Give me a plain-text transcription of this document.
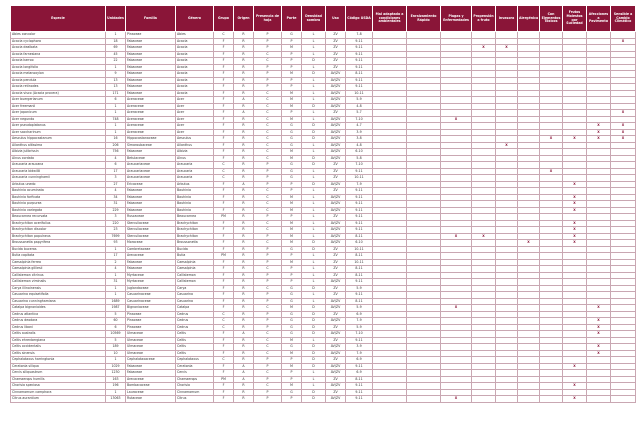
Especie	Unidades	Familia	Género	Grupo	Origen	Presencia de hoja	Porte	Densidad sombra	Uso	Código USDA	Mal adaptado a condiciones ambientales	Enraizamiento Rápido	Plagas y Enfermedades	Propensión a fruto	Invasora	Alergénica	Con Elementos Tóxicos	Frutos Molestos por Suciedad	Afecciones a Pavimento	Sensible a Cambio Climático
Abies concolor	1	Pinaceae	Abies	C	R	P	G	L	ZV	7-8										
Acacia cyclophora	18	Fabaceae	Acacia	F	R	P	P	L	ZV	9-11										X
Acacia dealbata	69	Fabaceae	Acacia	F	R	P	M	L	ZV	9-11				X	X					
Acacia farnesiana	45	Fabaceae	Acacia	F	R	C	P	L	ZV	9-11										
Acacia karroo	22	Fabaceae	Acacia	F	R	C	P	D	ZV	9-11										
Acacia longifolia	1	Fabaceae	Acacia	F	R	P	P	L	ZV	9-11										
Acacia melanoxylon	9	Fabaceae	Acacia	F	R	P	M	D	AV/ZV	8-11										
Acacia pendula	13	Fabaceae	Acacia	F	R	P	P	L	AV/ZV	9-11										
Acacia retinodes	13	Fabaceae	Acacia	F	R	P	P	L	AV/ZV	9-11										
Acacia visco (Acacia procera)	171	Fabaceae	Acacia	F	R	C	M	L	AV/ZV	10-11										
Acer buergerianum	6	Aceraceae	Acer	F	A	C	M	L	AV/ZV	5-9										
Acer freemanii	1	Aceraceae	Acer	F	R	C	M	D	AV/ZV	4-8										
Acer japonicum	1	Aceraceae	Acer	F	A	C	P	L	ZV	5-7										X
Acer negundo	748	Aceraceae	Acer	F	R	C	M	L	AV/ZV	7-10			X							
Acer pseudoplatanus	1	Aceraceae	Acer	F	R	C	G	D	AV/ZV	4-7									X	X
Acer saccharinum	1	Aceraceae	Acer	F	R	C	G	D	AV/ZV	3-9									X	X
Aesculus hippocastanum	16	Hippocastanaceae	Aesculus	F	R	C	G	D	AV/ZV	3-8							X	X	X	X
Ailanthus altissima	206	Simaroubaceae	Ailanthus	F	R	C	G	L	AV/ZV	4-8					X					
Albizia julibrissin	756	Fabaceae	Albizia	F	R	C	M	L	AV/ZV	6-10										
Alnus cordata	4	Betulaceae	Alnus	F	R	C	M	D	AV/ZV	5-8										
Araucaria araucana	6	Araucariaceae	Araucaria	C	R	P	G	D	ZV	7-10										
Araucaria bidwillii	17	Araucariaceae	Araucaria	C	R	P	G	L	ZV	9-11							X			
Araucaria cunninghamii	3	Araucariaceae	Araucaria	C	R	P	G	L	ZV	10-11										
Arbutus unedo	27	Ericaceae	Arbutus	F	A	P	P	D	AV/ZV	7-9								X		
Bauhinia acuminata	4	Fabaceae	Bauhinia	F	R	C	P	L	ZV	9-11										
Bauhinia forficata	34	Fabaceae	Bauhinia	F	R	C	M	L	AV/ZV	9-11								X		
Bauhinia purpurea	31	Fabaceae	Bauhinia	F	R	C	M	L	AV/ZV	9-11								X		
Bauhinia variegata	229	Fabaceae	Bauhinia	F	R	C	M	L	AV/ZV	9-11								X		
Beaucarnea recurvata	3	Ruscaceae	Beaucarnea	PM	R	P	P	L	ZV	9-11										
Brachychiton acerifolius	220	Sterculiaceae	Brachychiton	F	R	C	M	L	AV/ZV	9-11								X		
Brachychiton discolor	23	Sterculiaceae	Brachychiton	F	R	C	M	L	AV/ZV	9-11								X		
Brachychiton populneus	7699	Sterculiaceae	Brachychiton	F	R	P	M	L	AV/ZV	8-11			X	X				X		
Broussonetia papyrifera	93	Moraceae	Broussonetia	F	R	C	M	D	AV/ZV	6-10						X		X		
Bucida buceras	1	Combretaceae	Bucida	F	R	P	G	D	ZV	10-11										
Butia capitata	17	Arecaceae	Butia	PM	R	P	P	L	ZV	8-11										
Caesalpinia ferrea	2	Fabaceae	Caesalpinia	F	R	P	M	L	ZV	10-11										
Caesalpinia gilliesii	4	Fabaceae	Caesalpinia	F	R	C	P	L	ZV	8-11										
Callistemon citrinus	1	Myrtaceae	Callistemon	F	R	P	P	L	ZV	8-11										
Callistemon viminalis	31	Myrtaceae	Callistemon	F	R	P	P	L	AV/ZV	9-11										
Carya illinoinensis	1	Juglandaceae	Carya	F	R	C	G	D	ZV	5-9										
Casuarina equisetifolia	1	Casuarinaceae	Casuarina	F	R	P	G	L	ZV	9-11										
Casuarina cunninghamiana	1689	Casuarinaceae	Casuarina	F	R	P	G	L	AV/ZV	8-11										
Catalpa bignonioides	1987	Bignoniaceae	Catalpa	F	R	C	M	D	AV/ZV	5-9			X						X	
Cedrus atlantica	5	Pinaceae	Cedrus	C	R	P	G	D	ZV	6-9										
Cedrus deodara	60	Pinaceae	Cedrus	C	R	P	G	D	AV/ZV	7-9									X	
Cedrus libani	6	Pinaceae	Cedrus	C	R	P	G	D	ZV	5-9									X	
Celtis australis	10569	Ulmaceae	Celtis	F	A	C	G	D	AV/ZV	7-10									X	
Celtis ehrenbergiana	5	Ulmaceae	Celtis	F	R	C	M	L	ZV	9-11										
Celtis occidentalis	189	Ulmaceae	Celtis	F	R	C	G	D	AV/ZV	3-9									X	
Celtis sinensis	10	Ulmaceae	Celtis	F	R	C	M	D	AV/ZV	7-9									X	
Cephalotaxus harringtonia	1	Cephalotaxaceae	Cephalotaxus	C	R	P	P	D	ZV	6-9										
Ceratonia siliqua	1029	Fabaceae	Ceratonia	F	A	P	M	D	AV/ZV	9-11								X		
Cercis siliquastrum	1230	Fabaceae	Cercis	F	A	C	P	L	AV/ZV	6-9										
Chamaerops humilis	163	Arecaceae	Chamaerops	PM	A	P	P	L	ZV	8-11										
Chorisia speciosa	196	Bombacaceae	Chorisia	F	R	C	M	L	AV/ZV	9-11								X		
Cinnamomum camphora	1	Lauraceae	Cinnamomum	F	R	P	G	D	ZV	9-11										
Citrus aurantium	13063	Rutaceae	Citrus	F	R	P	P	D	AV/ZV	9-11			X					X		
